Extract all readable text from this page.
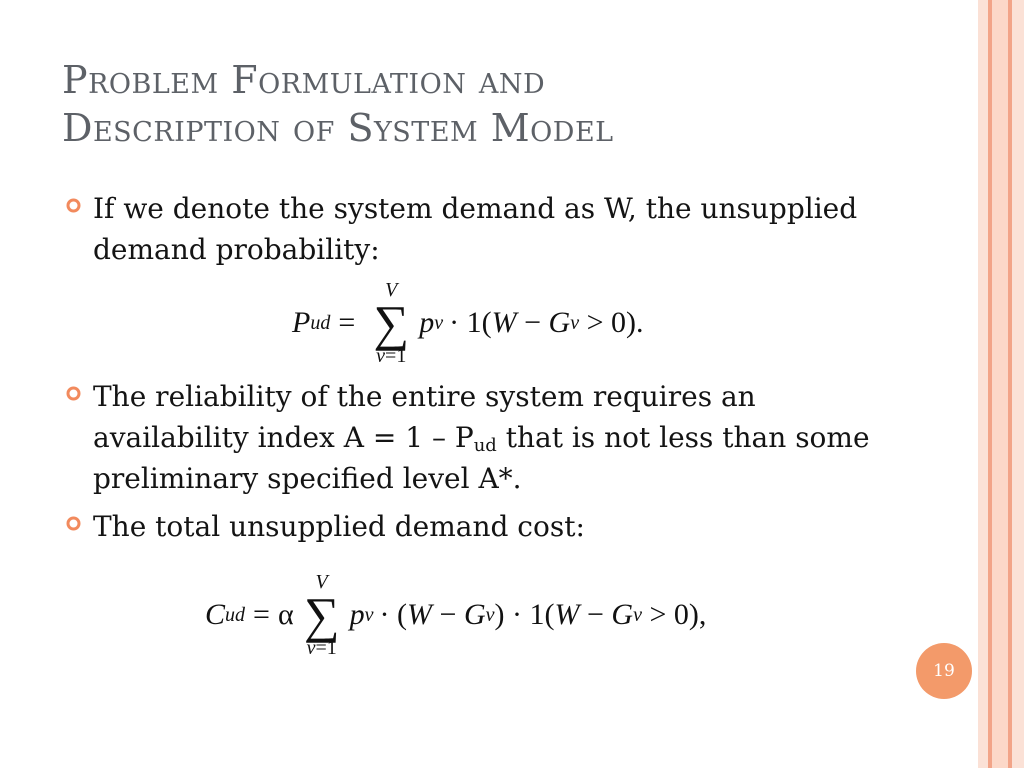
Problem Formulation and
Description of System Model
If we denote the system demand as W, the unsupplied demand probability:
P ud =
V
∑
v=1
p v · 1( W − G v > 0).
The reliability of the entire system requires an availability index $A = 1 - P_{ud}$ that is not less than some preliminary specified level A*.
The total unsupplied demand cost:
C ud = α
V
∑
v=1
p v · ( W − G v ) · 1( W − G v > 0),
19
